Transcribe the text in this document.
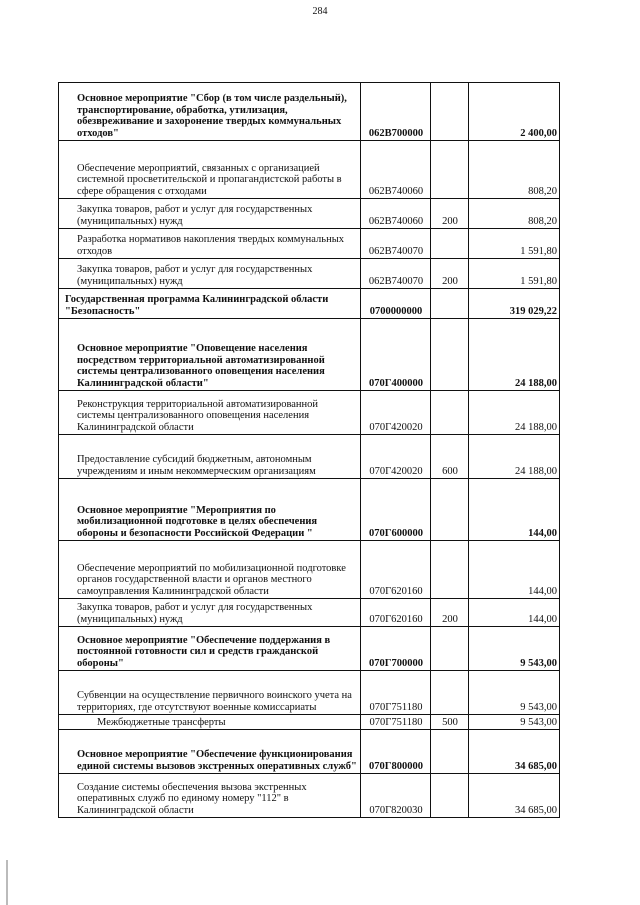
284
Основное мероприятие "Сбор (в том числе раздельный), транспортирование, обработка, утилизация, обезвреживание и захоронение твердых коммунальных отходов"	062В700000		2 400,00
Обеспечение мероприятий, связанных с организацией системной просветительской и пропагандистской работы в сфере обращения с отходами	062В740060		808,20
Закупка товаров, работ и услуг для государственных (муниципальных) нужд	062В740060	200	808,20
Разработка нормативов накопления твердых коммунальных отходов	062В740070		1 591,80
Закупка товаров, работ и услуг для государственных (муниципальных) нужд	062В740070	200	1 591,80
Государственная программа Калининградской области "Безопасность"	0700000000		319 029,22
Основное мероприятие "Оповещение населения посредством территориальной автоматизированной системы централизованного оповещения населения Калининградской области"	070Г400000		24 188,00
Реконструкция территориальной автоматизированной системы централизованного оповещения населения Калининградской области	070Г420020		24 188,00
Предоставление субсидий бюджетным, автономным учреждениям и иным некоммерческим организациям	070Г420020	600	24 188,00
Основное мероприятие "Мероприятия по мобилизационной подготовке в целях обеспечения обороны и безопасности Российской Федерации "	070Г600000		144,00
Обеспечение мероприятий по мобилизационной подготовке органов государственной власти и органов местного самоуправления Калининградской области	070Г620160		144,00
Закупка товаров, работ и услуг для государственных (муниципальных) нужд	070Г620160	200	144,00
Основное мероприятие "Обеспечение поддержания в постоянной готовности сил и средств гражданской обороны"	070Г700000		9 543,00
Субвенции на осуществление первичного воинского учета на территориях, где отсутствуют военные комиссариаты	070Г751180		9 543,00
Межбюджетные трансферты	070Г751180	500	9 543,00
Основное мероприятие "Обеспечение функционирования единой системы вызовов экстренных оперативных служб"	070Г800000		34 685,00
Создание системы обеспечения вызова экстренных оперативных служб по единому номеру "112" в Калининградской области	070Г820030		34 685,00
